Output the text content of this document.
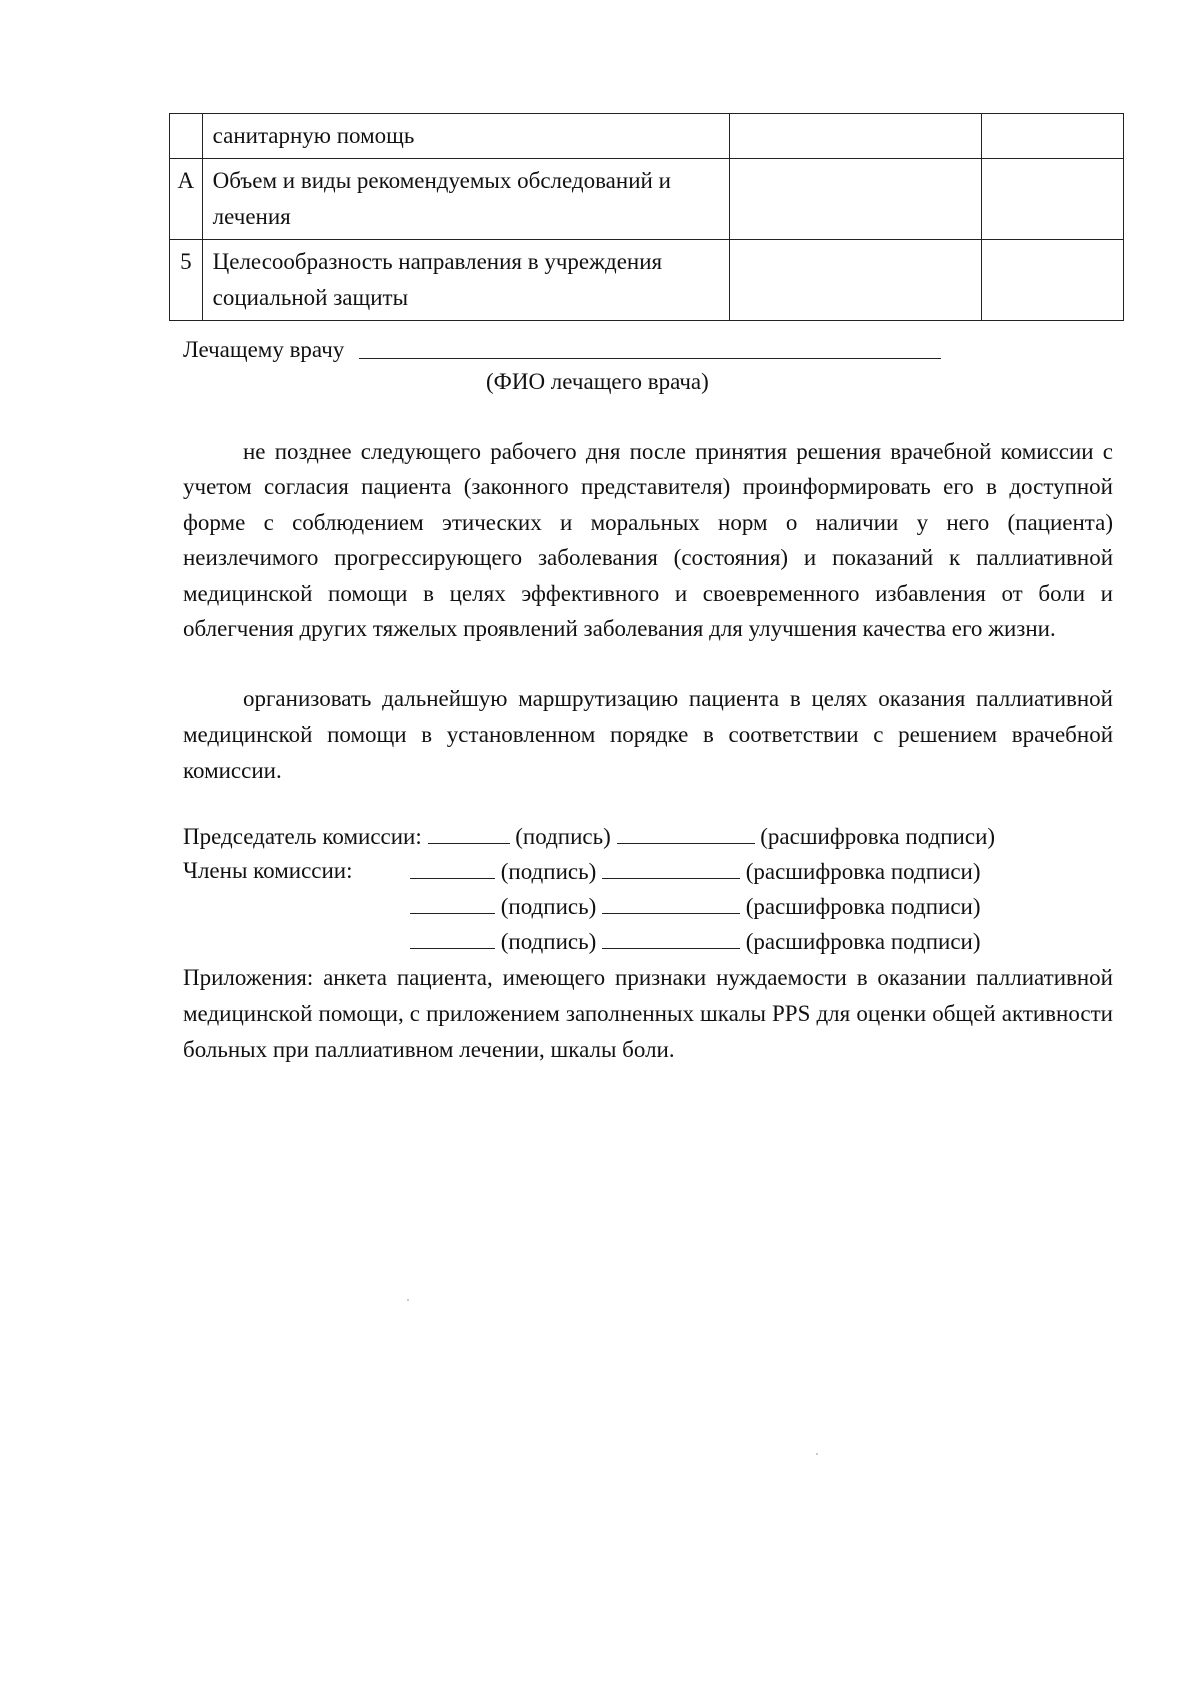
	санитарную помощь		

А	Объем и виды рекомендуемых обследований и
лечения		

5	Целесообразность направления в учреждения
социальной защиты		

Лечащему врачу
(ФИО лечащего врача)
не позднее следующего рабочего дня после принятия решения врачебной комиссии с учетом согласия пациента (законного представителя) проинформировать его в доступной форме с соблюдением этических и моральных норм о наличии у него (пациента) неизлечимого прогрессирующего заболевания (состояния) и показаний к паллиативной медицинской помощи в целях эффективного и своевременного избавления от боли и облегчения других тяжелых проявлений заболевания для улучшения качества его жизни.
организовать дальнейшую маршрутизацию пациента в целях оказания паллиативной медицинской помощи в установленном порядке в соответствии с решением врачебной комиссии.
Председатель комиссии:	(подпись)	(расшифровка подписи)
Члены комиссии:	(подпись)	(расшифровка подписи)
(подпись)	(расшифровка подписи)
(подпись)	(расшифровка подписи)
Приложения: анкета пациента, имеющего признаки нуждаемости в оказании паллиативной медицинской помощи, с приложением заполненных шкалы PPS для оценки общей активности больных при паллиативном лечении, шкалы боли.
